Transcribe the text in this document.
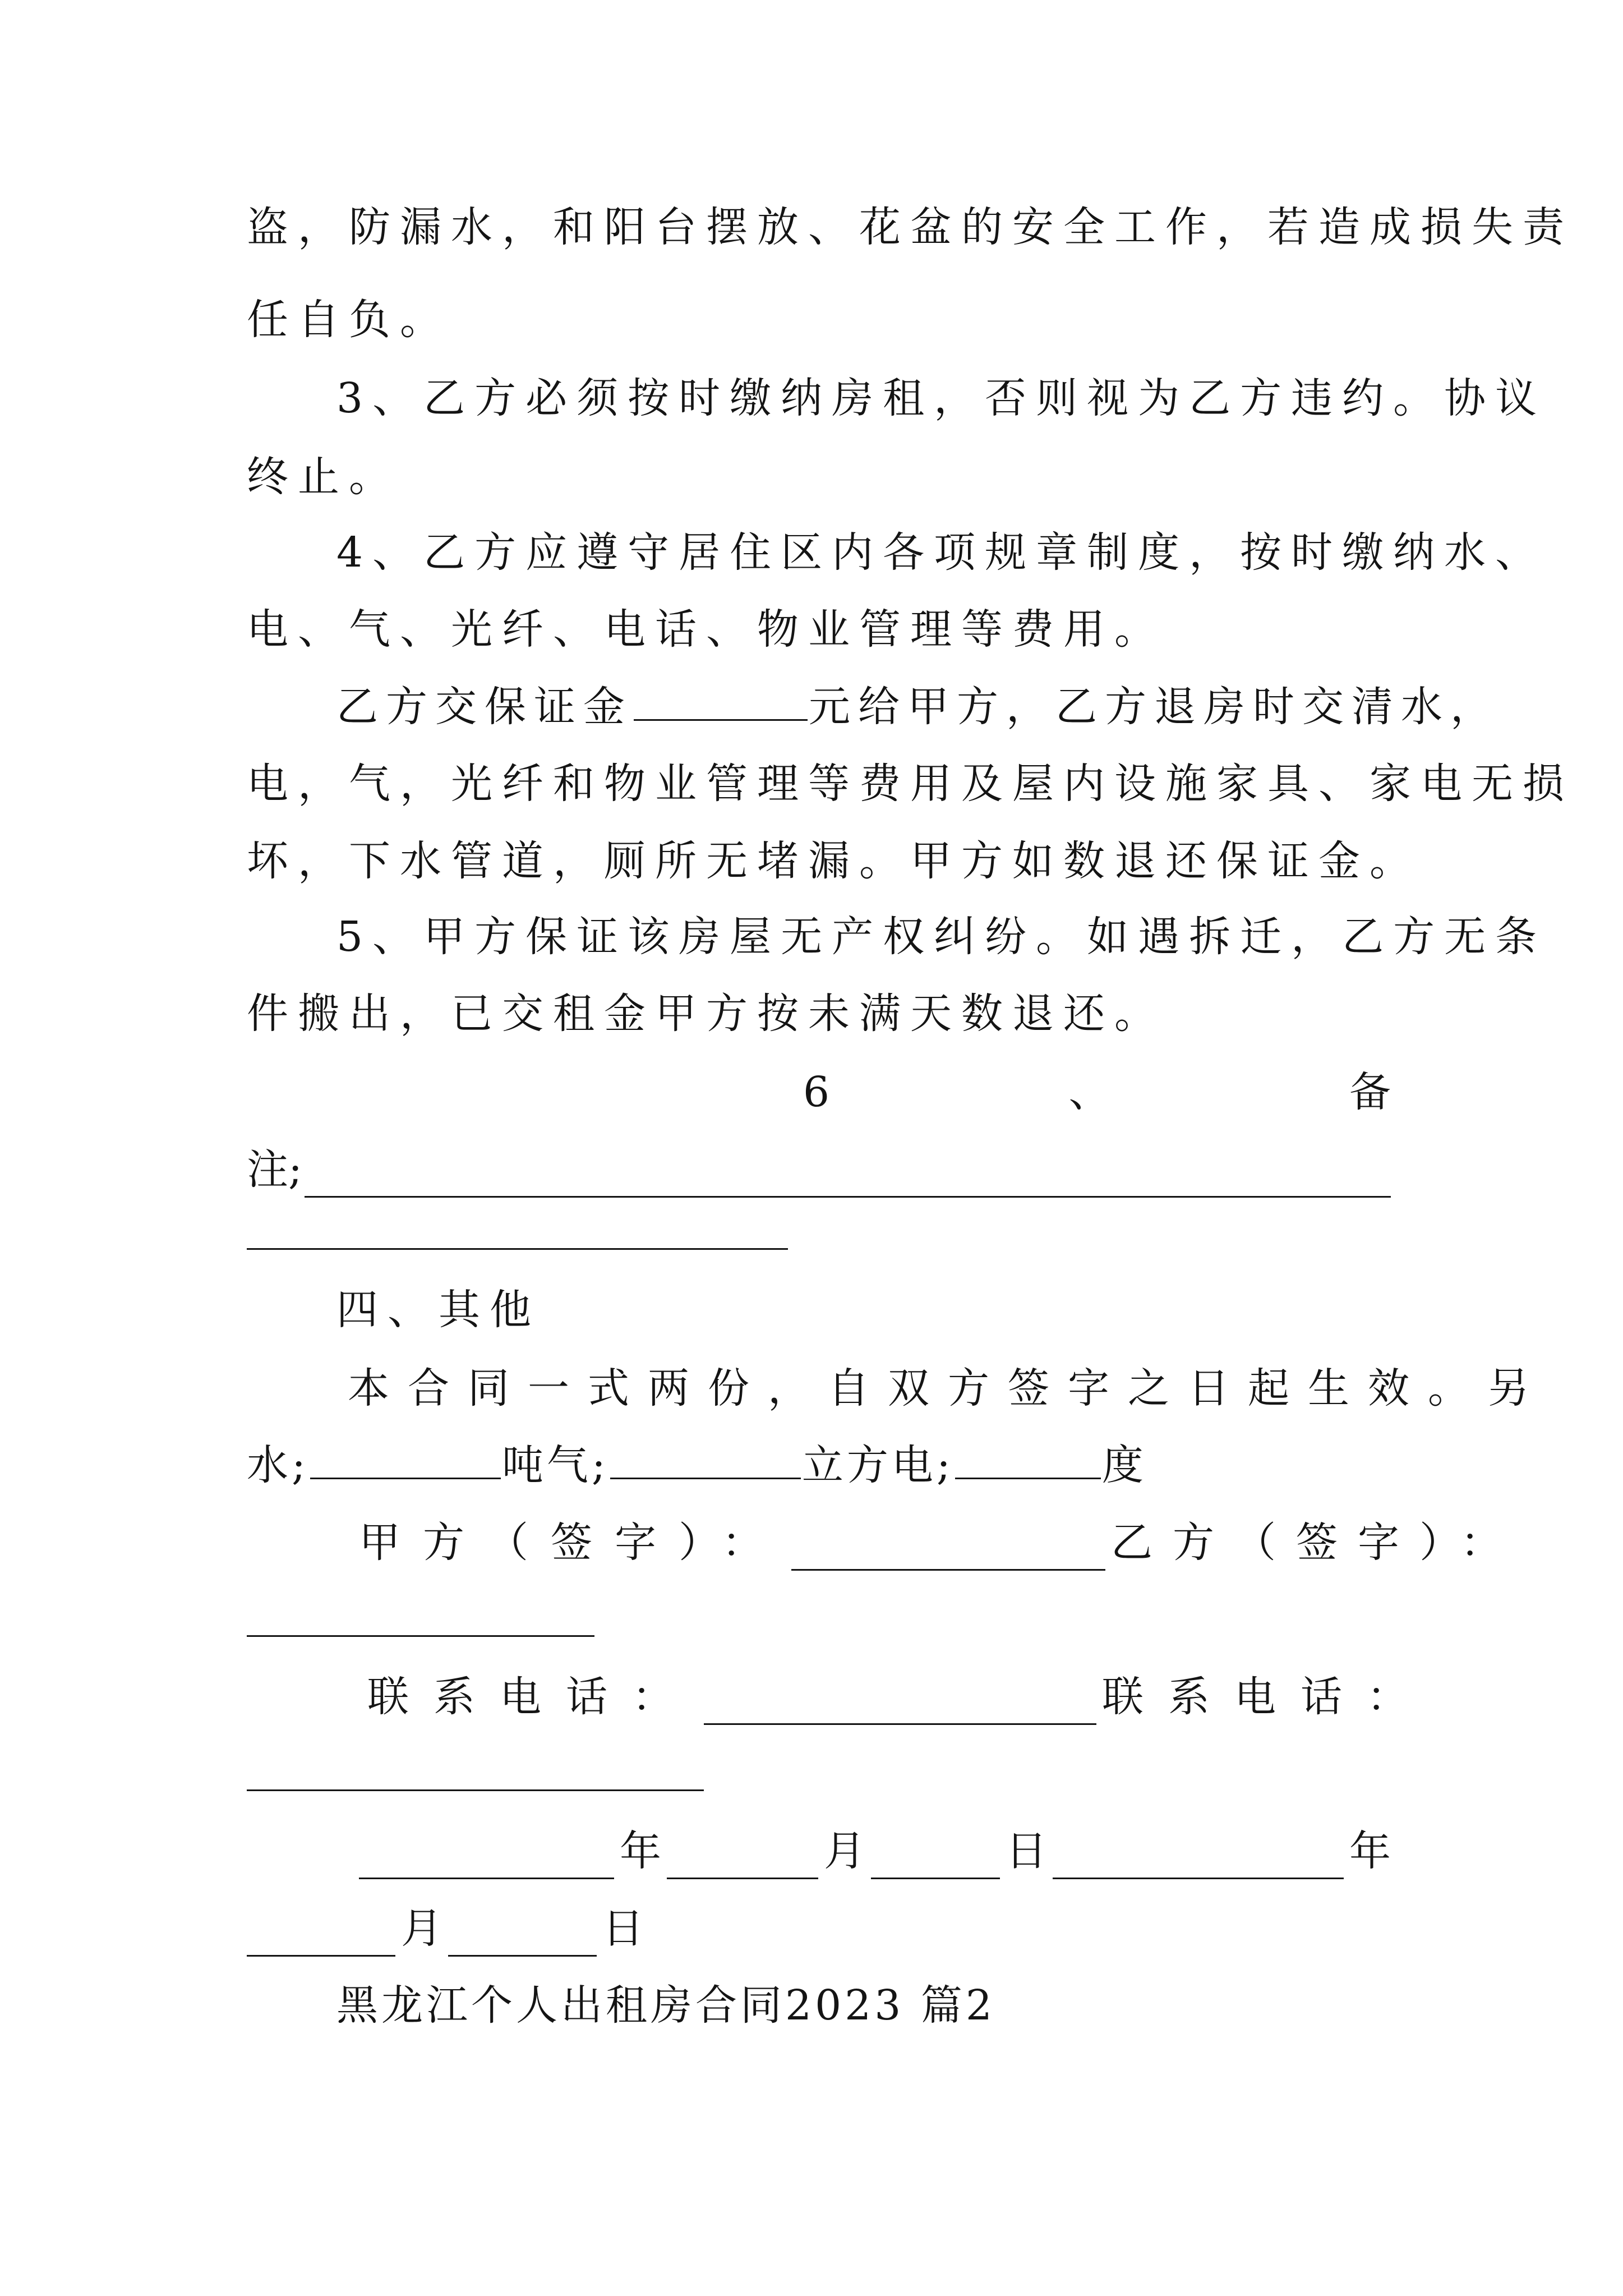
盗，防漏水，和阳台摆放、花盆的安全工作，若造成损失责
任自负。
3、乙方必须按时缴纳房租，否则视为乙方违约。协议
终止。
4、乙方应遵守居住区内各项规章制度，按时缴纳水、
电、气、光纤、电话、物业管理等费用。
乙方交保证金	元给甲方，乙方退房时交清水，
电，气，光纤和物业管理等费用及屋内设施家具、家电无损
坏，下水管道，厕所无堵漏。甲方如数退还保证金。
5、甲方保证该房屋无产权纠纷。如遇拆迁，乙方无条
件搬出，已交租金甲方按未满天数退还。
6	、	备
注;
四、其他
本合同一式两份，自双方签字之日起生效。另
水;	吨气;	立方电;	度
甲方（签字）：	乙方（签字）：
联系电话：	联系电话：
年	月	日	年
月	日
黑龙江个人出租房合同2023 篇2
